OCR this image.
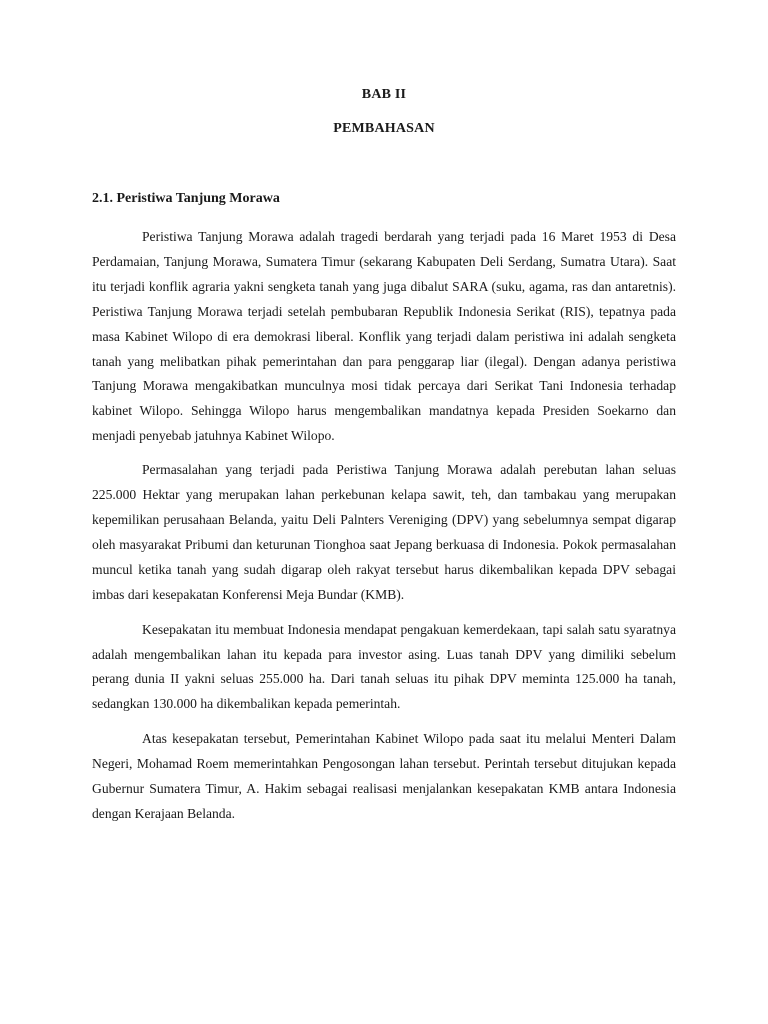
BAB II
PEMBAHASAN
2.1. Peristiwa Tanjung Morawa

Peristiwa Tanjung Morawa adalah tragedi berdarah yang terjadi pada 16 Maret 1953 di Desa Perdamaian, Tanjung Morawa, Sumatera Timur (sekarang Kabupaten Deli Serdang, Sumatra Utara). Saat itu terjadi konflik agraria yakni sengketa tanah yang juga dibalut SARA (suku, agama, ras dan antaretnis). Peristiwa Tanjung Morawa terjadi setelah pembubaran Republik Indonesia Serikat (RIS), tepatnya pada masa Kabinet Wilopo di era demokrasi liberal. Konflik yang terjadi dalam peristiwa ini adalah sengketa tanah yang melibatkan pihak pemerintahan dan para penggarap liar (ilegal). Dengan adanya peristiwa Tanjung Morawa mengakibatkan munculnya mosi tidak percaya dari Serikat Tani Indonesia terhadap kabinet Wilopo. Sehingga Wilopo harus mengembalikan mandatnya kepada Presiden Soekarno dan menjadi penyebab jatuhnya Kabinet Wilopo.

Permasalahan yang terjadi pada Peristiwa Tanjung Morawa adalah perebutan lahan seluas 225.000 Hektar yang merupakan lahan perkebunan kelapa sawit, teh, dan tambakau yang merupakan kepemilikan perusahaan Belanda, yaitu Deli Palnters Vereniging (DPV) yang sebelumnya sempat digarap oleh masyarakat Pribumi dan keturunan Tionghoa saat Jepang berkuasa di Indonesia. Pokok permasalahan muncul ketika tanah yang sudah digarap oleh rakyat tersebut harus dikembalikan kepada DPV sebagai imbas dari kesepakatan Konferensi Meja Bundar (KMB).

Kesepakatan itu membuat Indonesia mendapat pengakuan kemerdekaan, tapi salah satu syaratnya adalah mengembalikan lahan itu kepada para investor asing. Luas tanah DPV yang dimiliki sebelum perang dunia II yakni seluas 255.000 ha. Dari tanah seluas itu pihak DPV meminta 125.000 ha tanah, sedangkan 130.000 ha dikembalikan kepada pemerintah.

Atas kesepakatan tersebut, Pemerintahan Kabinet Wilopo pada saat itu melalui Menteri Dalam Negeri, Mohamad Roem memerintahkan Pengosongan lahan tersebut. Perintah tersebut ditujukan kepada Gubernur Sumatera Timur, A. Hakim sebagai realisasi menjalankan kesepakatan KMB antara Indonesia dengan Kerajaan Belanda.
